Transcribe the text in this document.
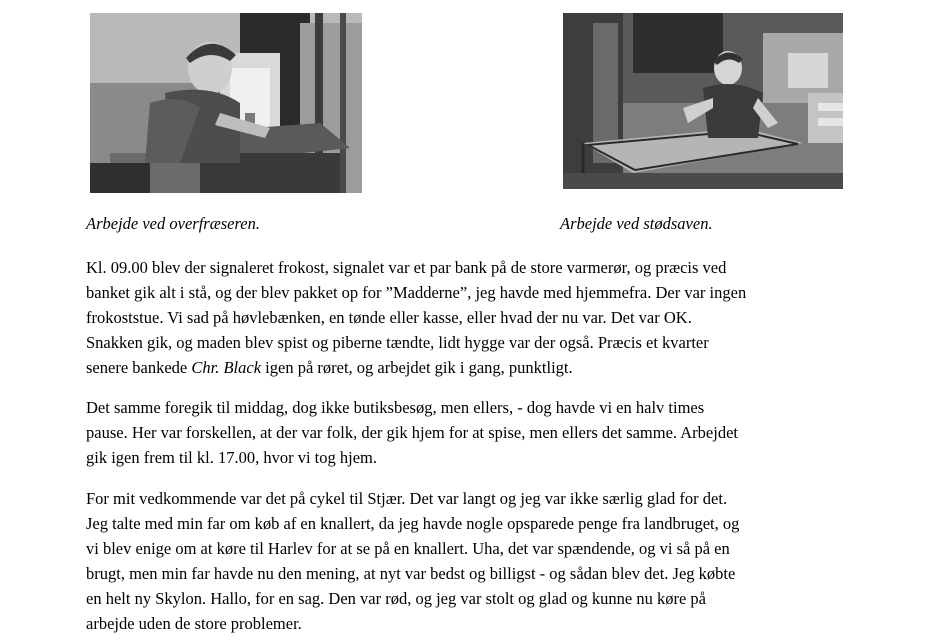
Arbejde ved overfræseren.	Arbejde ved stødsaven.
Kl. 09.00 blev der signaleret frokost, signalet var et par bank på de store varmerør, og præcis ved
banket gik alt i stå, og der blev pakket op for ”Madderne”, jeg havde med hjemmefra. Der var ingen
frokoststue. Vi sad på høvlebænken, en tønde eller kasse, eller hvad der nu var. Det var OK.
Snakken gik, og maden blev spist og piberne tændte, lidt hygge var der også. Præcis et kvarter
senere bankede Chr. Black igen på røret, og arbejdet gik i gang, punktligt.
Det samme foregik til middag, dog ikke butiksbesøg, men ellers, - dog havde vi en halv times
pause. Her var forskellen, at der var folk, der gik hjem for at spise, men ellers det samme. Arbejdet
gik igen frem til kl. 17.00, hvor vi tog hjem.
For mit vedkommende var det på cykel til Stjær. Det var langt og jeg var ikke særlig glad for det.
Jeg talte med min far om køb af en knallert, da jeg havde nogle opsparede penge fra landbruget, og
vi blev enige om at køre til Harlev for at se på en knallert. Uha, det var spændende, og vi så på en
brugt, men min far havde nu den mening, at nyt var bedst og billigst - og sådan blev det. Jeg købte
en helt ny Skylon. Hallo, for en sag. Den var rød, og jeg var stolt og glad og kunne nu køre på
arbejde uden de store problemer.
